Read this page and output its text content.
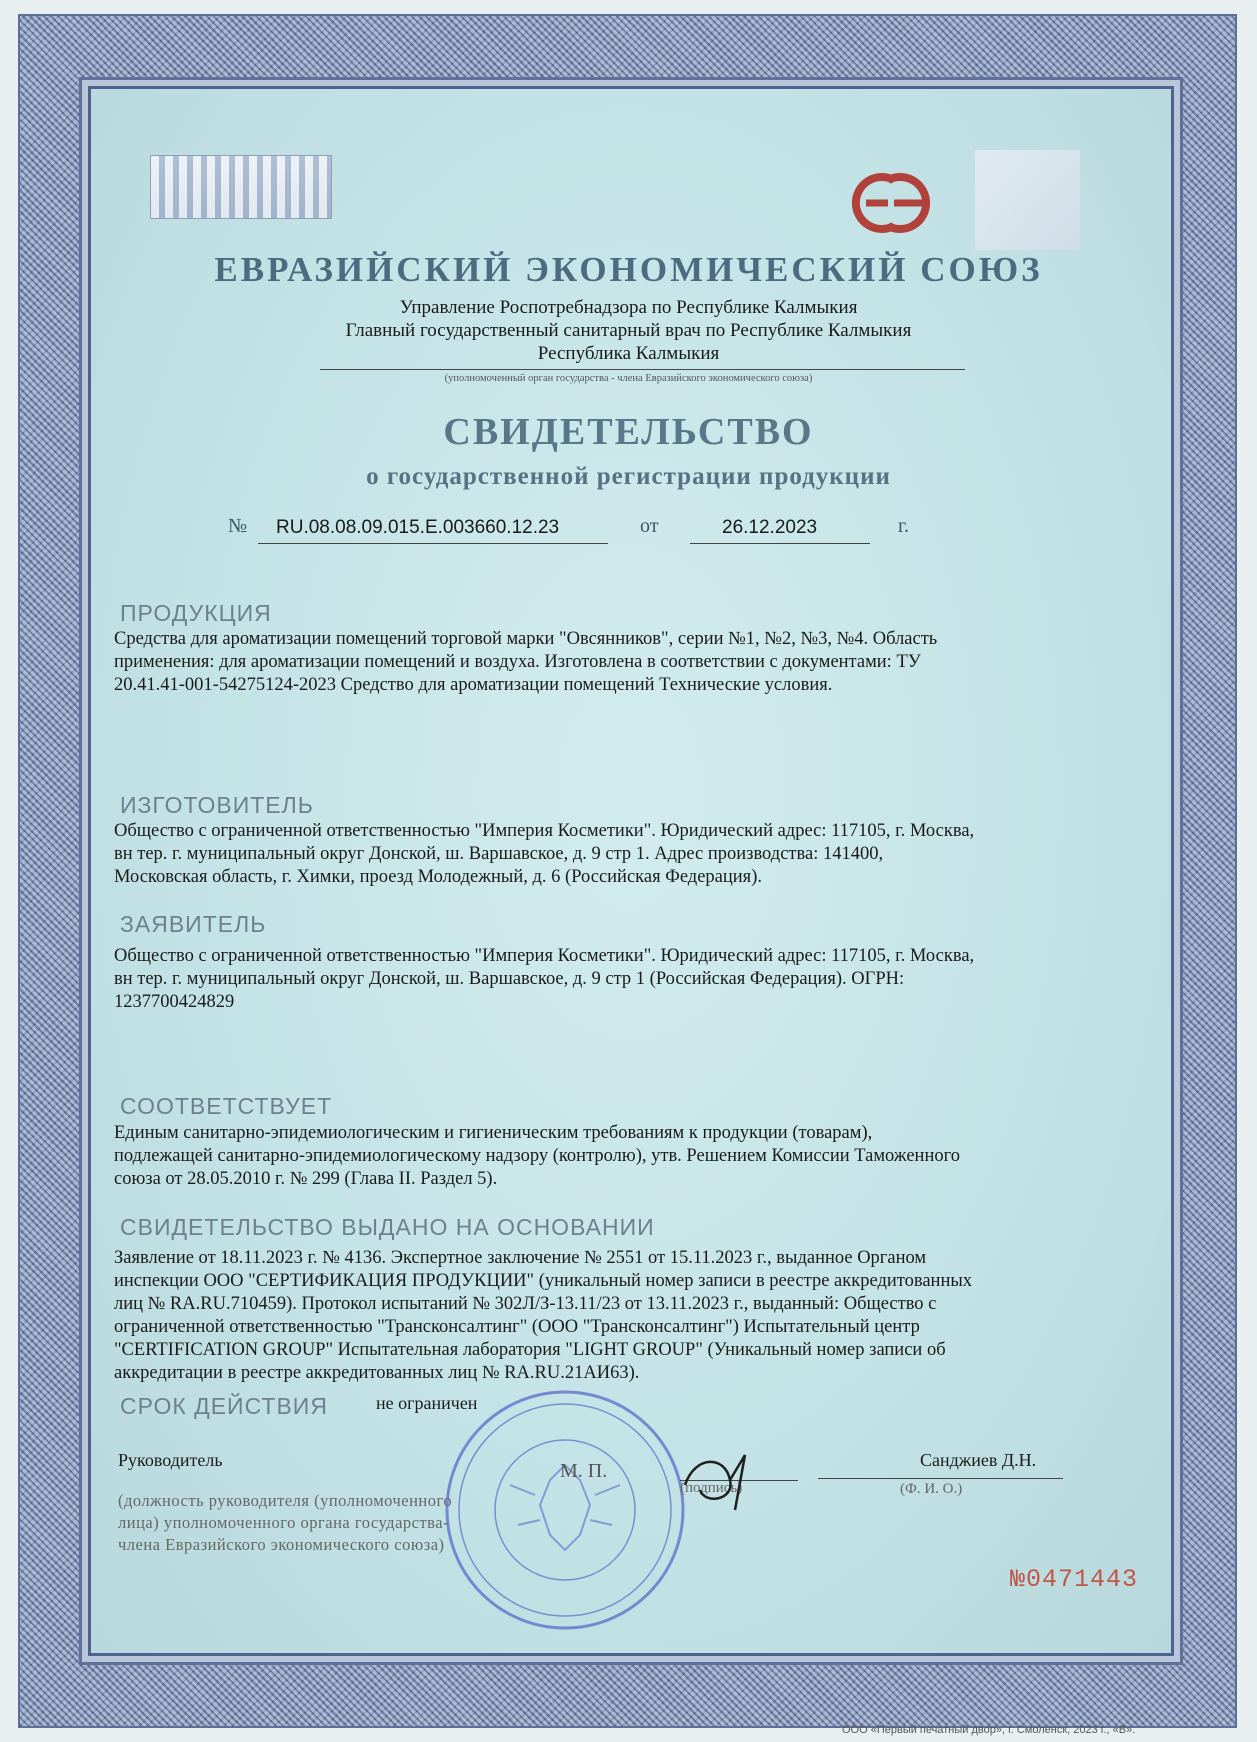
ЕВРАЗИЙСКИЙ ЭКОНОМИЧЕСКИЙ СОЮЗ
Управление Роспотребнадзора по Республике Калмыкия
Главный государственный санитарный врач по Республике Калмыкия
Республика Калмыкия
(уполномоченный орган государства - члена Евразийского экономического союза)
СВИДЕТЕЛЬСТВО
о государственной регистрации продукции
№ RU.08.08.09.015.E.003660.12.23	от	26.12.2023	г.
ПРОДУКЦИЯ
Средства для ароматизации помещений торговой марки "Овсянников", серии №1, №2, №3, №4. Область
применения: для ароматизации помещений и воздуха. Изготовлена в соответствии с документами: ТУ
20.41.41-001-54275124-2023 Средство для ароматизации помещений Технические условия.
ИЗГОТОВИТЕЛЬ
Общество с ограниченной ответственностью "Империя Косметики". Юридический адрес: 117105, г. Москва,
вн тер. г. муниципальный округ Донской, ш. Варшавское, д. 9 стр 1. Адрес производства: 141400,
Московская область, г. Химки, проезд Молодежный, д. 6 (Российская Федерация).
ЗАЯВИТЕЛЬ
Общество с ограниченной ответственностью "Империя Косметики". Юридический адрес: 117105, г. Москва,
вн тер. г. муниципальный округ Донской, ш. Варшавское, д. 9 стр 1 (Российская Федерация). ОГРН:
1237700424829
СООТВЕТСТВУЕТ
Единым санитарно-эпидемиологическим и гигиеническим требованиям к продукции (товарам),
подлежащей санитарно-эпидемиологическому надзору (контролю), утв. Решением Комиссии Таможенного
союза от 28.05.2010 г. № 299 (Глава II. Раздел 5).
СВИДЕТЕЛЬСТВО ВЫДАНО НА ОСНОВАНИИ
Заявление от 18.11.2023 г. № 4136. Экспертное заключение № 2551 от 15.11.2023 г., выданное Органом
инспекции ООО "СЕРТИФИКАЦИЯ ПРОДУКЦИИ" (уникальный номер записи в реестре аккредитованных
лиц № RA.RU.710459). Протокол испытаний № 302Л/З-13.11/23 от 13.11.2023 г., выданный: Общество с
ограниченной ответственностью "Трансконсалтинг" (ООО "Трансконсалтинг") Испытательный центр
"CERTIFICATION GROUP" Испытательная лаборатория "LIGHT GROUP" (Уникальный номер записи об
аккредитации в реестре аккредитованных лиц № RA.RU.21АИ63).
СРОК ДЕЙСТВИЯ	не ограничен
Руководитель	М. П.
(подпись)
Санджиев Д.Н.
(Ф. И. О.)
(должность руководителя (уполномоченного
лица) уполномоченного органа государства-
члена Евразийского экономического союза)
№0471443
ООО «Первый печатный двор», г. Смоленск, 2023 г., «В».
